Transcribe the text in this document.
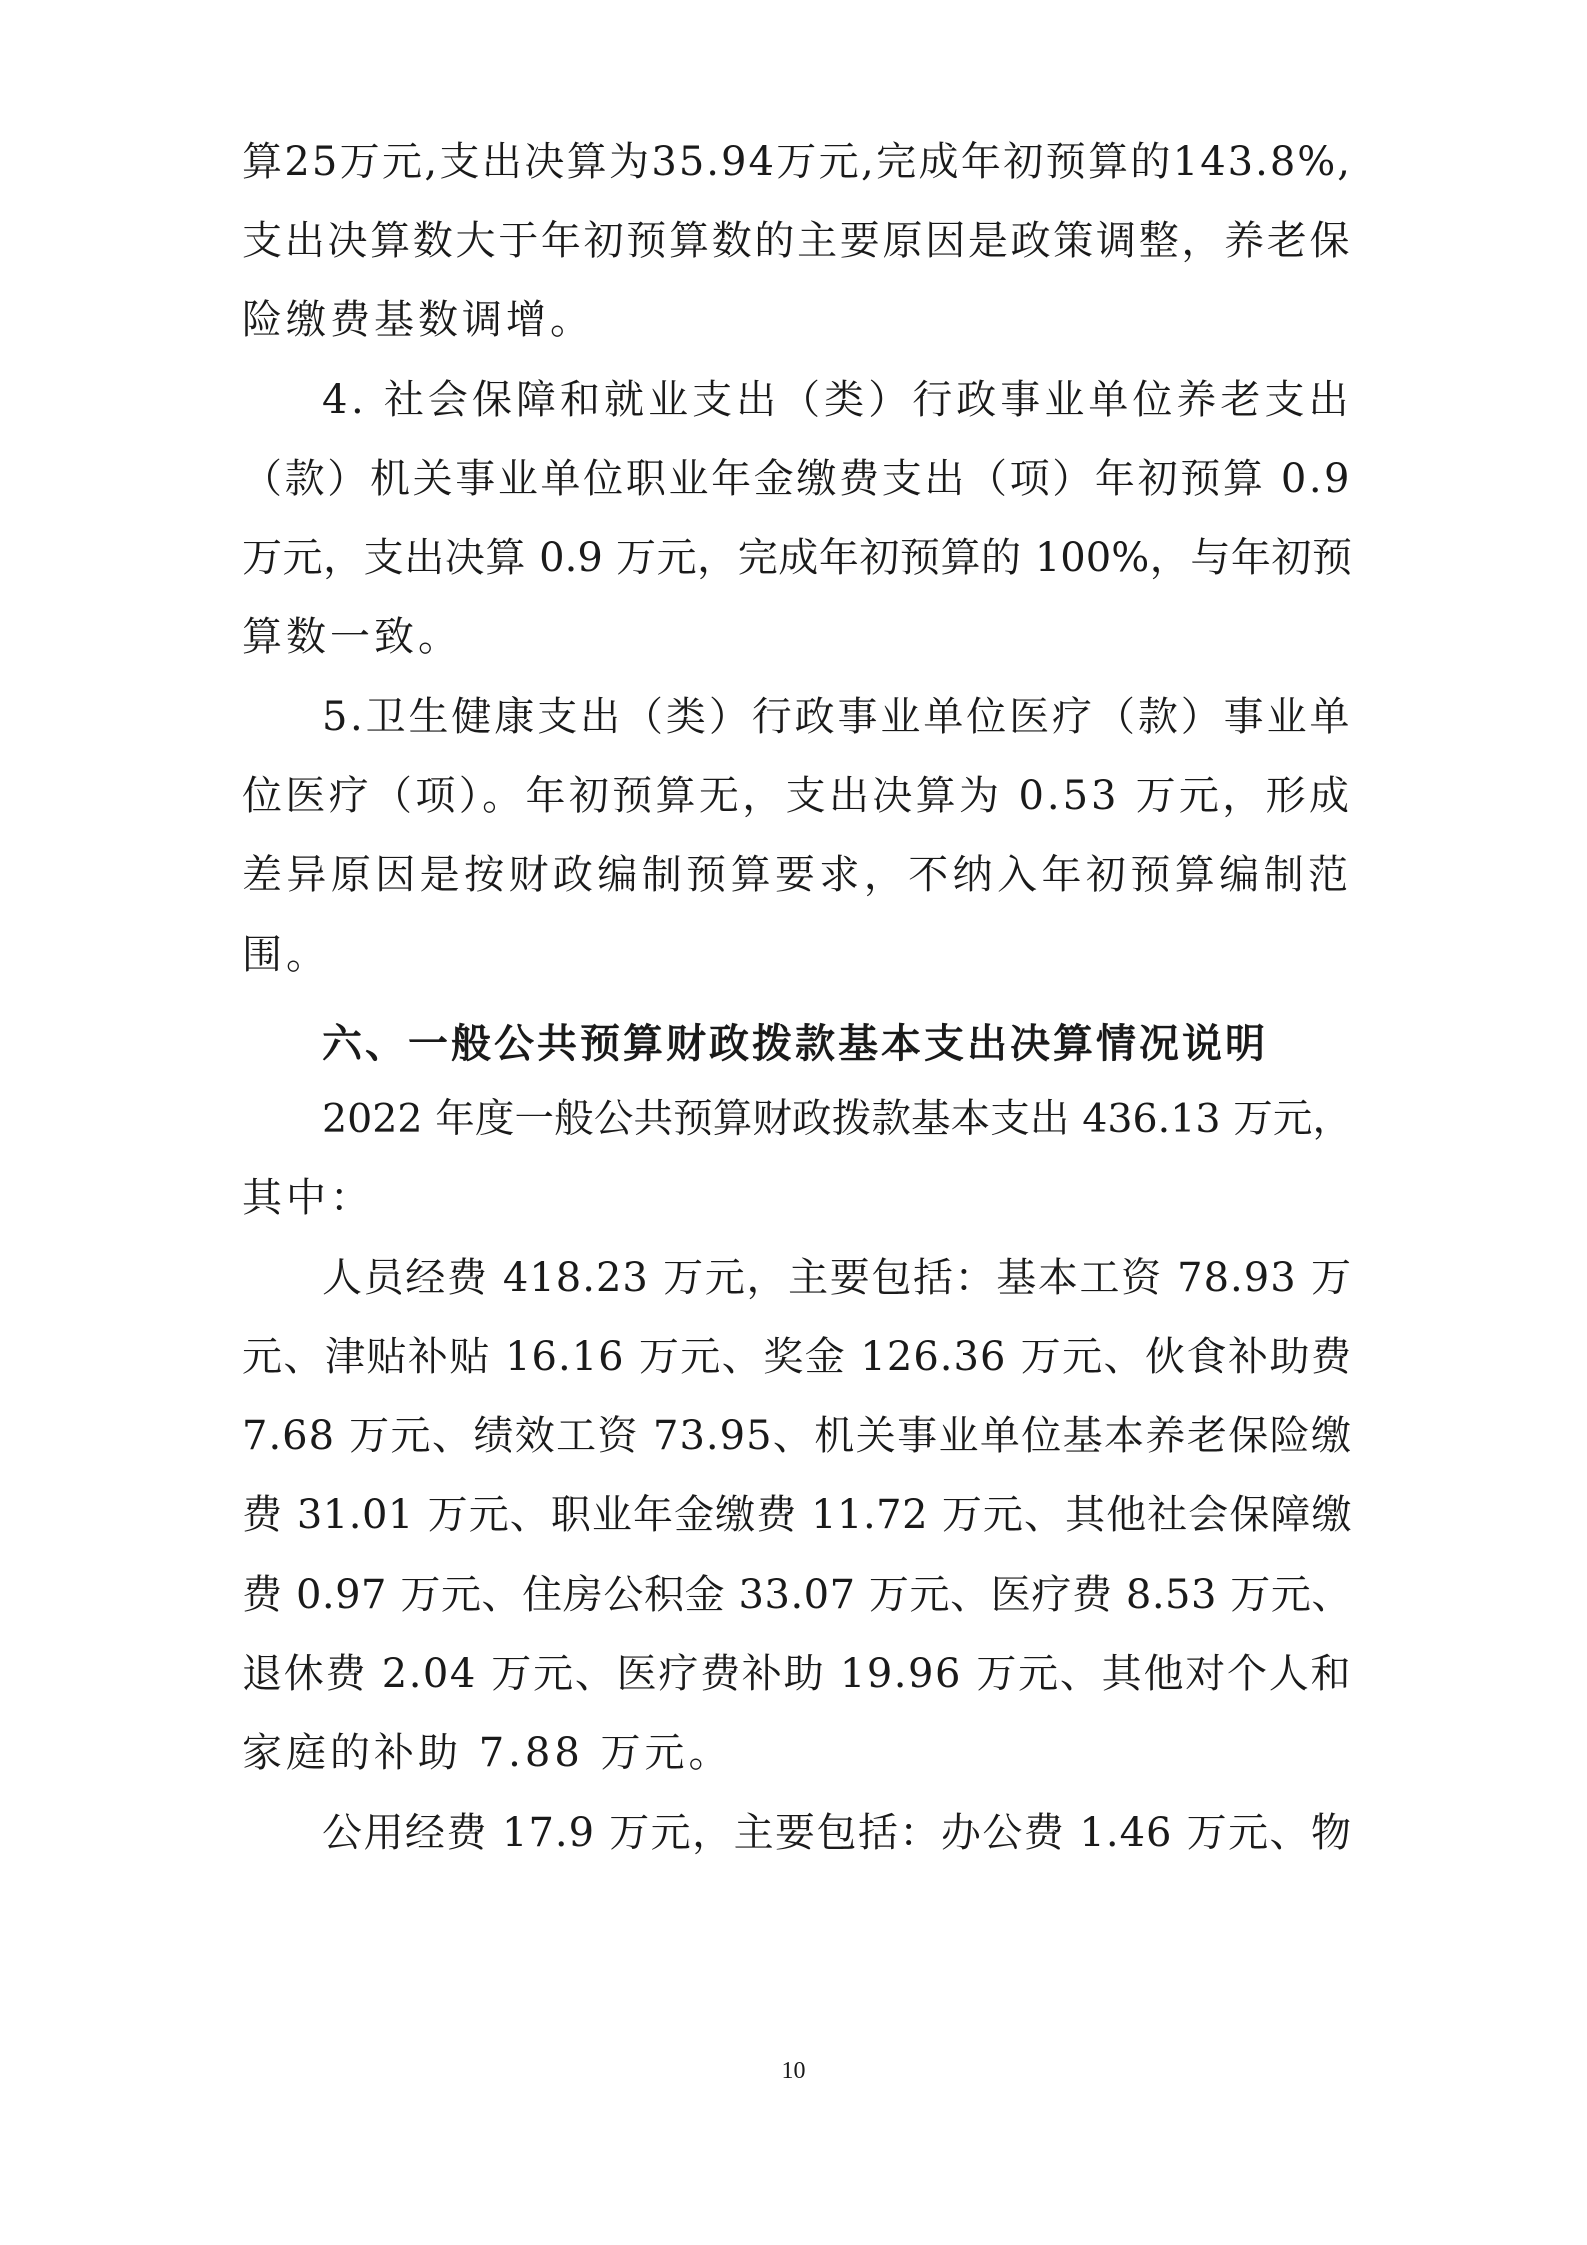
算25万元,支出决算为35.94万元,完成年初预算的143.8%,
支出决算数大于年初预算数的主要原因是政策调整，养老保
险缴费基数调增。
4. 社会保障和就业支出（类）行政事业单位养老支出
（款）机关事业单位职业年金缴费支出（项）年初预算 0.9
万元，支出决算 0.9 万元，完成年初预算的 100%，与年初预
算数一致。
5.卫生健康支出（类）行政事业单位医疗（款）事业单
位医疗（项）。年初预算无，支出决算为 0.53 万元，形成
差异原因是按财政编制预算要求，不纳入年初预算编制范
围。
六、一般公共预算财政拨款基本支出决算情况说明
2022 年度一般公共预算财政拨款基本支出 436.13 万元，
其中：
人员经费 418.23 万元，主要包括：基本工资 78.93 万
元、津贴补贴 16.16 万元、奖金 126.36 万元、伙食补助费
7.68 万元、绩效工资 73.95、机关事业单位基本养老保险缴
费 31.01 万元、职业年金缴费 11.72 万元、其他社会保障缴
费 0.97 万元、住房公积金 33.07 万元、医疗费 8.53 万元、
退休费 2.04 万元、医疗费补助 19.96 万元、其他对个人和
家庭的补助 7.88 万元。
公用经费 17.9 万元，主要包括：办公费 1.46 万元、物
10
